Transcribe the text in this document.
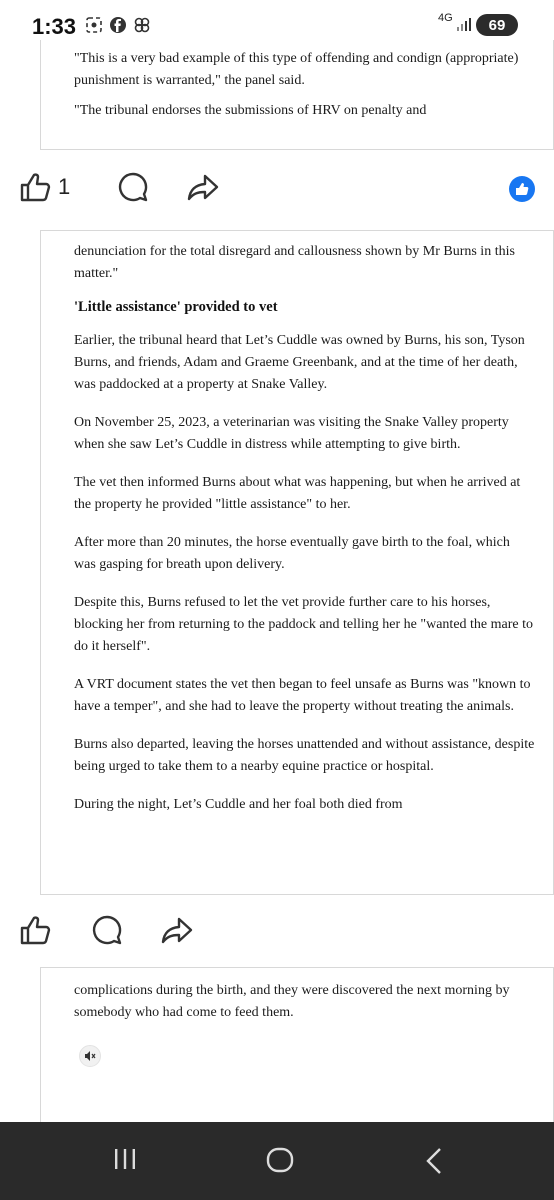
1:33	4G 69

"This is a very bad example of this type of offending and condign (appropriate) punishment is warranted," the panel said.

"The tribunal endorses the submissions of HRV on penalty and

1

denunciation for the total disregard and callousness shown by Mr Burns in this matter."

'Little assistance' provided to vet

Earlier, the tribunal heard that Let’s Cuddle was owned by Burns, his son, Tyson Burns, and friends, Adam and Graeme Greenbank, and at the time of her death, was paddocked at a property at Snake Valley.

On November 25, 2023, a veterinarian was visiting the Snake Valley property when she saw Let’s Cuddle in distress while attempting to give birth.

The vet then informed Burns about what was happening, but when he arrived at the property he provided "little assistance" to her.

After more than 20 minutes, the horse eventually gave birth to the foal, which was gasping for breath upon delivery.

Despite this, Burns refused to let the vet provide further care to his horses, blocking her from returning to the paddock and telling her he "wanted the mare to do it herself".

A VRT document states the vet then began to feel unsafe as Burns was "known to have a temper", and she had to leave the property without treating the animals.

Burns also departed, leaving the horses unattended and without assistance, despite being urged to take them to a nearby equine practice or hospital.

During the night, Let’s Cuddle and her foal both died from

complications during the birth, and they were discovered the next morning by somebody who had come to feed them.
